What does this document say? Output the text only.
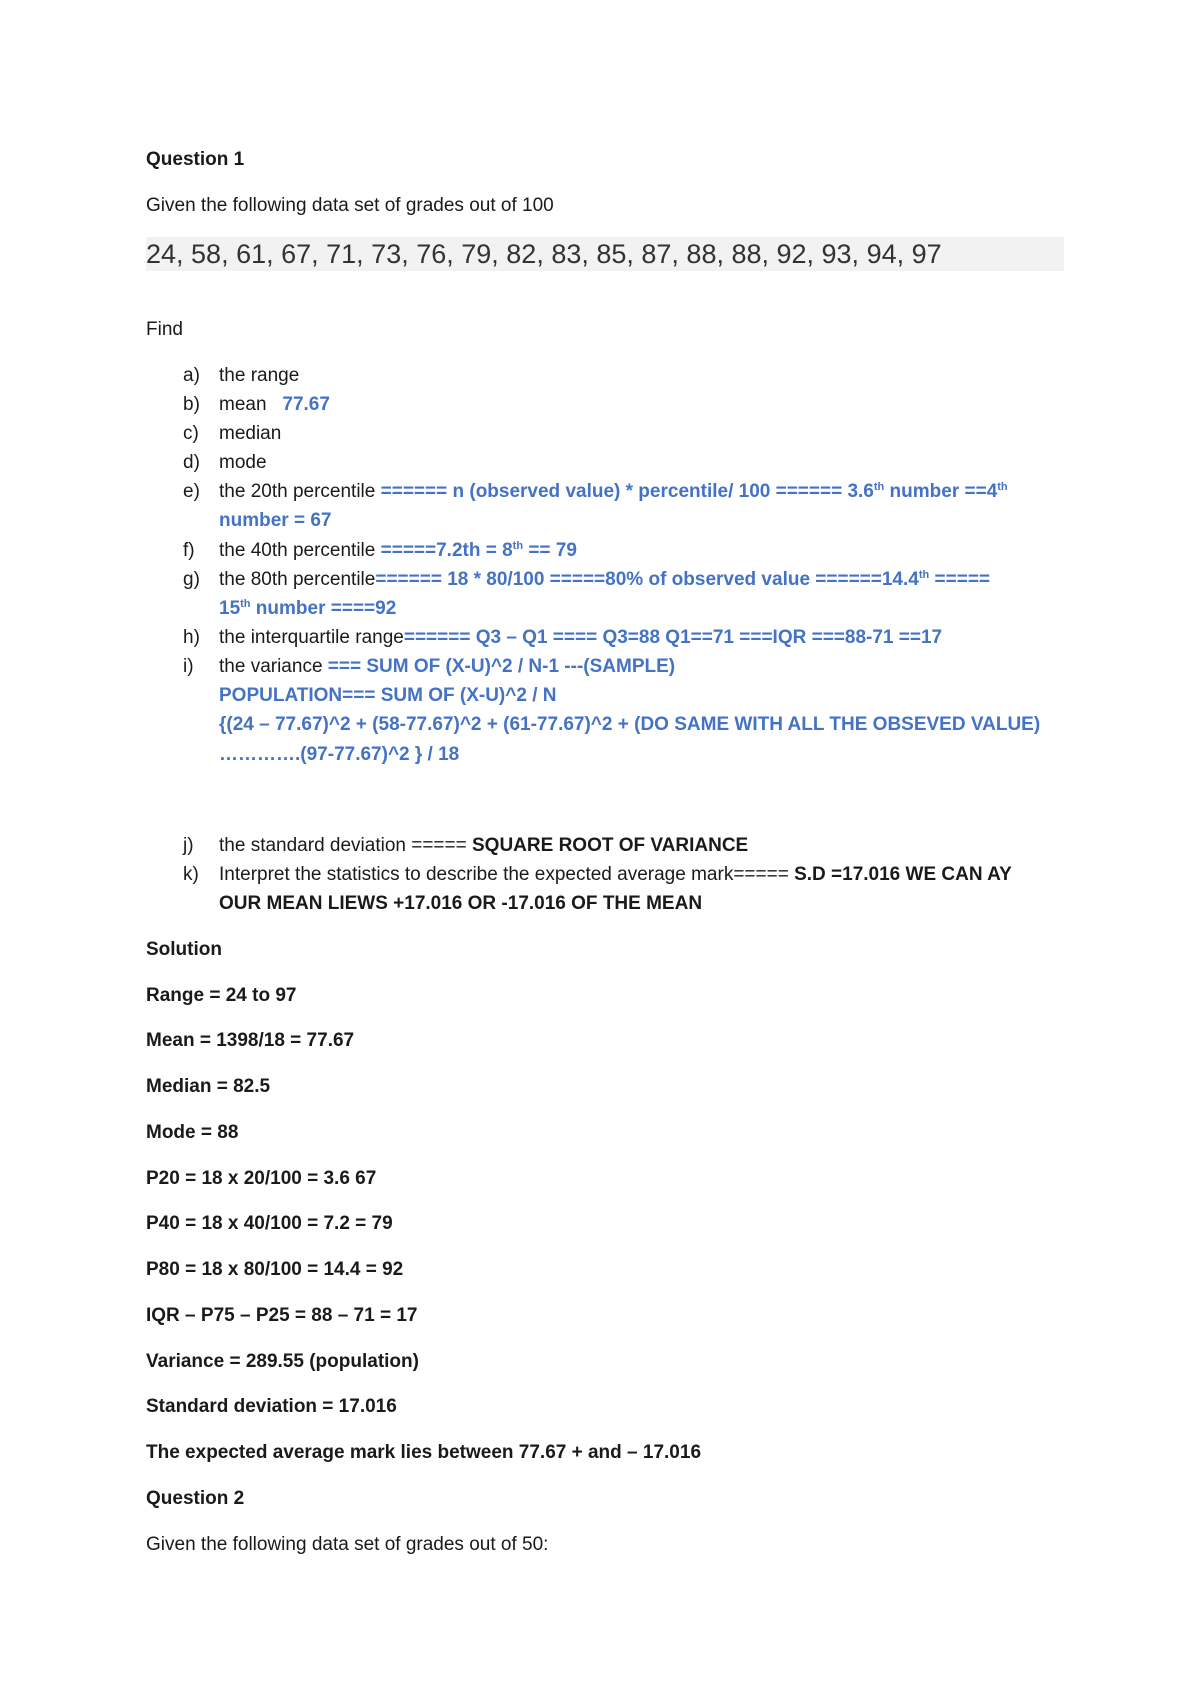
Question 1
Given the following data set of grades out of 100
24, 58, 61, 67, 71, 73, 76, 79, 82, 83, 85, 87, 88, 88, 92, 93, 94, 97
Find
a)	the range
b)	mean 77.67
c)	median
d)	mode
e)	the 20th percentile ====== n (observed value) * percentile/ 100 ====== 3.6th number ==4th
number = 67
f)	the 40th percentile =====7.2th = 8th == 79
g)	the 80th percentile====== 18 * 80/100 =====80% of observed value ======14.4th =====
15th number ====92
h)	the interquartile range====== Q3 – Q1 ==== Q3=88 Q1==71 ===IQR ===88-71 ==17
i)	the variance === SUM OF (X-U)^2 / N-1 ---(SAMPLE)
POPULATION=== SUM OF (X-U)^2 / N
{(24 – 77.67)^2 + (58-77.67)^2 + (61-77.67)^2 + (DO SAME WITH ALL THE OBSEVED VALUE)
………….(97-77.67)^2 } / 18
j)	the standard deviation ===== SQUARE ROOT OF VARIANCE
k)	Interpret the statistics to describe the expected average mark===== S.D =17.016 WE CAN AY
OUR MEAN LIEWS +17.016 OR -17.016 OF THE MEAN
Solution
Range = 24 to 97
Mean = 1398/18 = 77.67
Median = 82.5
Mode = 88
P20 = 18 x 20/100 = 3.6 67
P40 = 18 x 40/100 = 7.2 = 79
P80 = 18 x 80/100 = 14.4 = 92
IQR – P75 – P25 = 88 – 71 = 17
Variance = 289.55 (population)
Standard deviation = 17.016
The expected average mark lies between 77.67 + and – 17.016
Question 2
Given the following data set of grades out of 50:
